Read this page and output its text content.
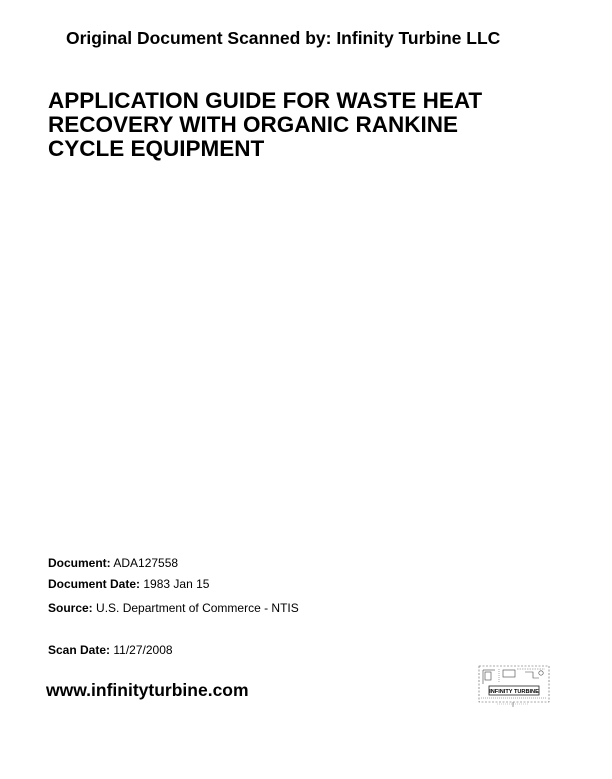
Original Document Scanned by: Infinity Turbine LLC
APPLICATION GUIDE FOR WASTE HEAT
RECOVERY WITH ORGANIC RANKINE
CYCLE EQUIPMENT
Document: ADA127558
Document Date: 1983 Jan 15
Source: U.S. Department of Commerce - NTIS
Scan Date: 11/27/2008
www.infinityturbine.com	INFINITY TURBINE
